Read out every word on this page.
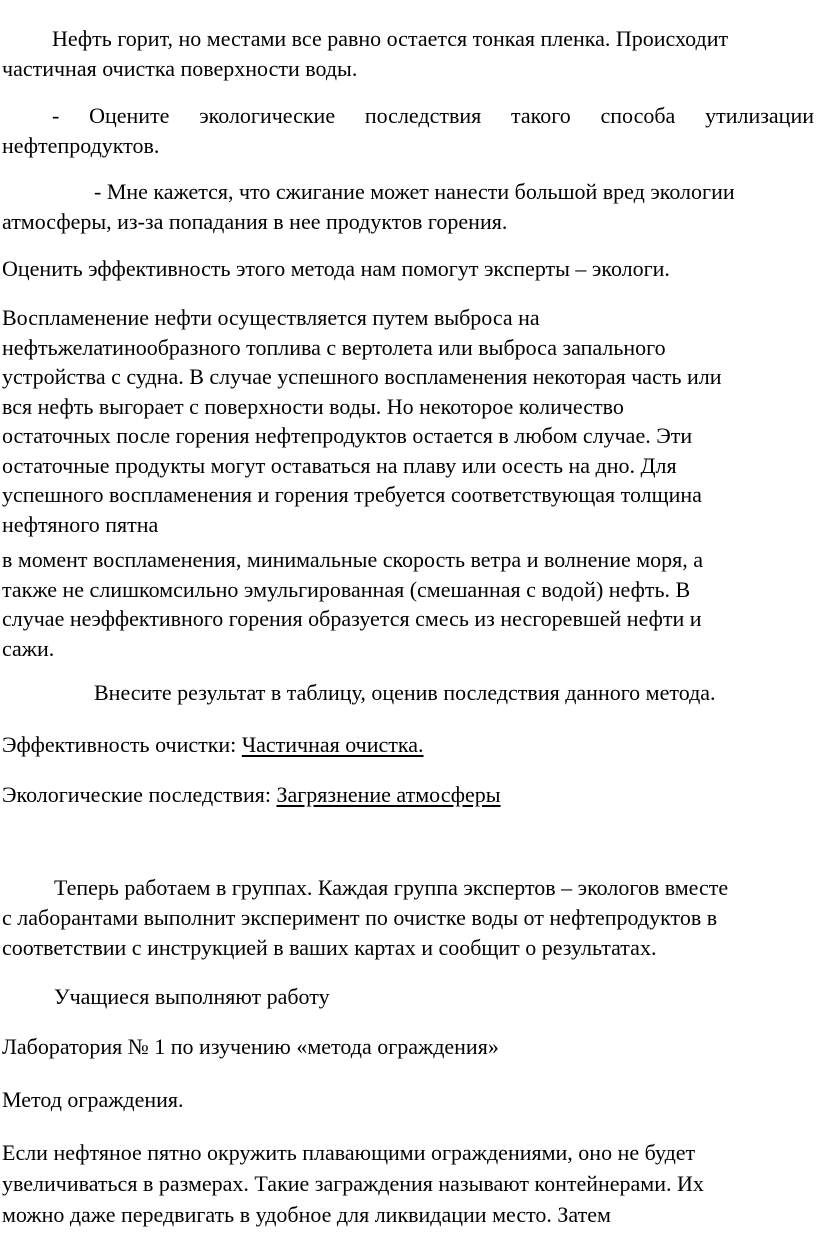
Нефть горит, но местами все равно остается тонкая пленка. Происходит
частичная очистка поверхности воды.
- Оцените экологические последствия такого способа утилизации
нефтепродуктов.
- Мне кажется, что сжигание может нанести большой вред экологии
атмосферы, из-за попадания в нее продуктов горения.
Оценить эффективность этого метода нам помогут эксперты – экологи.
Воспламенение нефти осуществляется путем выброса на
нефтьжелатинообразного топлива с вертолета или выброса запального
устройства с судна. В случае успешного воспламенения некоторая часть или
вся нефть выгорает с поверхности воды. Но некоторое количество
остаточных после горения нефтепродуктов остается в любом случае. Эти
остаточные продукты могут оставаться на плаву или осесть на дно. Для
успешного воспламенения и горения требуется соответствующая толщина
нефтяного пятна
в момент воспламенения, минимальные скорость ветра и волнение моря, а
также не слишкомсильно эмульгированная (смешанная с водой) нефть. В
случае неэффективного горения образуется смесь из несгоревшей нефти и
сажи.
Внесите результат в таблицу, оценив последствия данного метода.
Эффективность очистки: Частичная очистка.
Экологические последствия: Загрязнение атмосферы
Теперь работаем в группах. Каждая группа экспертов – экологов вместе
с лаборантами выполнит эксперимент по очистке воды от нефтепродуктов в
соответствии с инструкцией в ваших картах и сообщит о результатах.
Учащиеся выполняют работу
Лаборатория № 1 по изучению «метода ограждения»
Метод ограждения.
Если нефтяное пятно окружить плавающими ограждениями, оно не будет
увеличиваться в размерах. Такие заграждения называют контейнерами. Их
можно даже передвигать в удобное для ликвидации место. Затем
